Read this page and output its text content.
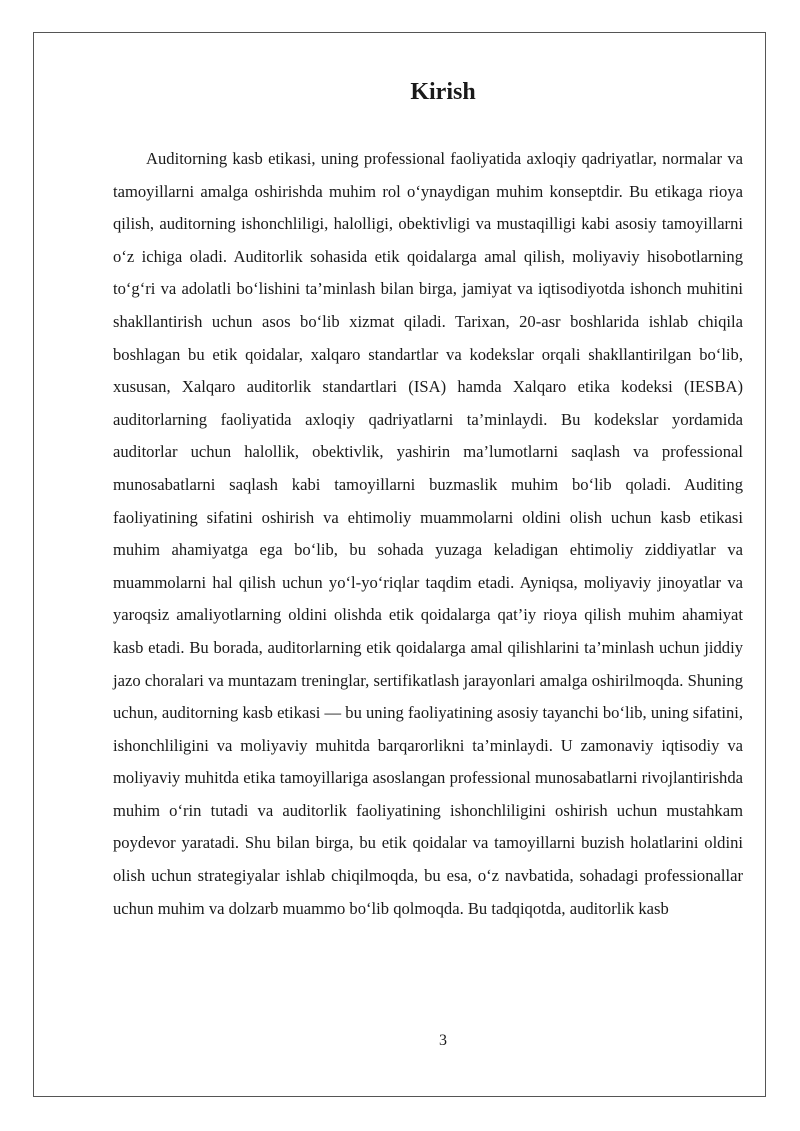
Kirish

Auditorning kasb etikasi, uning professional faoliyatida axloqiy qadriyatlar, normalar va tamoyillarni amalga oshirishda muhim rol o‘ynaydigan muhim konseptdir. Bu etikaga rioya qilish, auditorning ishonchliligi, halolligi, obektivligi va mustaqilligi kabi asosiy tamoyillarni o‘z ichiga oladi. Auditorlik sohasida etik qoidalarga amal qilish, moliyaviy hisobotlarning to‘g‘ri va adolatli bo‘lishini ta’minlash bilan birga, jamiyat va iqtisodiyotda ishonch muhitini shakllantirish uchun asos bo‘lib xizmat qiladi. Tarixan, 20-asr boshlarida ishlab chiqila boshlagan bu etik qoidalar, xalqaro standartlar va kodekslar orqali shakllantirilgan bo‘lib, xususan, Xalqaro auditorlik standartlari (ISA) hamda Xalqaro etika kodeksi (IESBA) auditorlarning faoliyatida axloqiy qadriyatlarni ta’minlaydi. Bu kodekslar yordamida auditorlar uchun halollik, obektivlik, yashirin ma’lumotlarni saqlash va professional munosabatlarni saqlash kabi tamoyillarni buzmaslik muhim bo‘lib qoladi. Auditing faoliyatining sifatini oshirish va ehtimoliy muammolarni oldini olish uchun kasb etikasi muhim ahamiyatga ega bo‘lib, bu sohada yuzaga keladigan ehtimoliy ziddiyatlar va muammolarni hal qilish uchun yo‘l-yo‘riqlar taqdim etadi. Ayniqsa, moliyaviy jinoyatlar va yaroqsiz amaliyotlarning oldini olishda etik qoidalarga qat’iy rioya qilish muhim ahamiyat kasb etadi. Bu borada, auditorlarning etik qoidalarga amal qilishlarini ta’minlash uchun jiddiy jazo choralari va muntazam treninglar, sertifikatlash jarayonlari amalga oshirilmoqda. Shuning uchun, auditorning kasb etikasi — bu uning faoliyatining asosiy tayanchi bo‘lib, uning sifatini, ishonchliligini va moliyaviy muhitda barqarorlikni ta’minlaydi. U zamonaviy iqtisodiy va moliyaviy muhitda etika tamoyillariga asoslangan professional munosabatlarni rivojlantirishda muhim o‘rin tutadi va auditorlik faoliyatining ishonchliligini oshirish uchun mustahkam poydevor yaratadi. Shu bilan birga, bu etik qoidalar va tamoyillarni buzish holatlarini oldini olish uchun strategiyalar ishlab chiqilmoqda, bu esa, o‘z navbatida, sohadagi professionallar uchun muhim va dolzarb muammo bo‘lib qolmoqda. Bu tadqiqotda, auditorlik kasb

3
